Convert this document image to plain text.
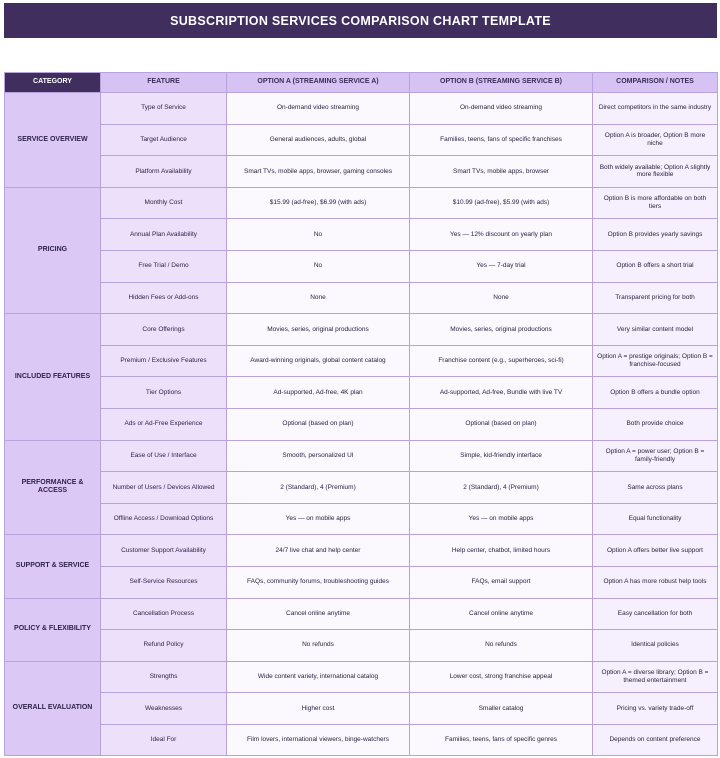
SUBSCRIPTION SERVICES COMPARISON CHART TEMPLATE
CATEGORY	FEATURE	OPTION A (STREAMING SERVICE A)	OPTION B (STREAMING SERVICE B)	COMPARISON / NOTES
SERVICE OVERVIEW	Type of Service	On-demand video streaming	On-demand video streaming	Direct competitors in the same industry
	Target Audience	General audiences, adults, global	Families, teens, fans of specific franchises	Option A is broader, Option B more niche
	Platform Availability	Smart TVs, mobile apps, browser, gaming consoles	Smart TVs, mobile apps, browser	Both widely available; Option A slightly more flexible
PRICING	Monthly Cost	$15.99 (ad-free), $6.99 (with ads)	$10.99 (ad-free), $5.99 (with ads)	Option B is more affordable on both tiers
	Annual Plan Availability	No	Yes — 12% discount on yearly plan	Option B provides yearly savings
	Free Trial / Demo	No	Yes — 7-day trial	Option B offers a short trial
	Hidden Fees or Add-ons	None	None	Transparent pricing for both
INCLUDED FEATURES	Core Offerings	Movies, series, original productions	Movies, series, original productions	Very similar content model
	Premium / Exclusive Features	Award-winning originals, global content catalog	Franchise content (e.g., superheroes, sci-fi)	Option A = prestige originals; Option B = franchise-focused
	Tier Options	Ad-supported, Ad-free, 4K plan	Ad-supported, Ad-free, Bundle with live TV	Option B offers a bundle option
	Ads or Ad-Free Experience	Optional (based on plan)	Optional (based on plan)	Both provide choice
PERFORMANCE & ACCESS	Ease of Use / Interface	Smooth, personalized UI	Simple, kid-friendly interface	Option A = power user; Option B = family-friendly
	Number of Users / Devices Allowed	2 (Standard), 4 (Premium)	2 (Standard), 4 (Premium)	Same across plans
	Offline Access / Download Options	Yes — on mobile apps	Yes — on mobile apps	Equal functionality
SUPPORT & SERVICE	Customer Support Availability	24/7 live chat and help center	Help center, chatbot, limited hours	Option A offers better live support
	Self-Service Resources	FAQs, community forums, troubleshooting guides	FAQs, email support	Option A has more robust help tools
POLICY & FLEXIBILITY	Cancellation Process	Cancel online anytime	Cancel online anytime	Easy cancellation for both
	Refund Policy	No refunds	No refunds	Identical policies
OVERALL EVALUATION	Strengths	Wide content variety, international catalog	Lower cost, strong franchise appeal	Option A = diverse library; Option B = themed entertainment
	Weaknesses	Higher cost	Smaller catalog	Pricing vs. variety trade-off
	Ideal For	Film lovers, international viewers, binge-watchers	Families, teens, fans of specific genres	Depends on content preference
